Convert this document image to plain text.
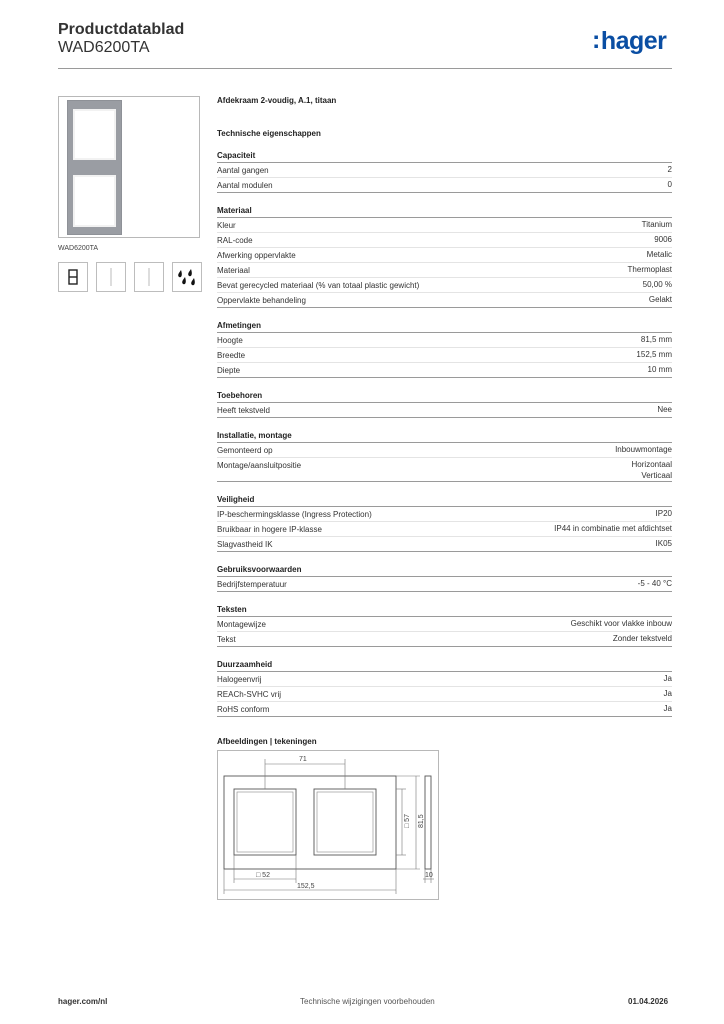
Productdatablad
WAD6200TA	:hager
WAD6200TA
Afdekraam 2-voudig, A.1, titaan
Technische eigenschappen
Capaciteit
Aantal gangen	2
Aantal modulen	0
Materiaal
Kleur	Titanium
RAL-code	9006
Afwerking oppervlakte	Metalic
Materiaal	Thermoplast
Bevat gerecycled materiaal (% van totaal plastic gewicht)	50,00 %
Oppervlakte behandeling	Gelakt
Afmetingen
Hoogte	81,5 mm
Breedte	152,5 mm
Diepte	10 mm
Toebehoren
Heeft tekstveld	Nee
Installatie, montage
Gemonteerd op	Inbouwmontage
Montage/aansluitpositie	Horizontaal
Verticaal
Veiligheid
IP-beschermingsklasse (Ingress Protection)	IP20
Bruikbaar in hogere IP-klasse	IP44 in combinatie met afdichtset
Slagvastheid IK	IK05
Gebruiksvoorwaarden
Bedrijfstemperatuur	-5 - 40 °C
Teksten
Montagewijze	Geschikt voor vlakke inbouw
Tekst	Zonder tekstveld
Duurzaamheid
Halogeenvrij	Ja
REACh-SVHC vrij	Ja
RoHS conform	Ja
Afbeeldingen | tekeningen
71
□ 57 81,5
□ 52
152,5
10
hager.com/nl	Technische wijzigingen voorbehouden	01.04.2026
